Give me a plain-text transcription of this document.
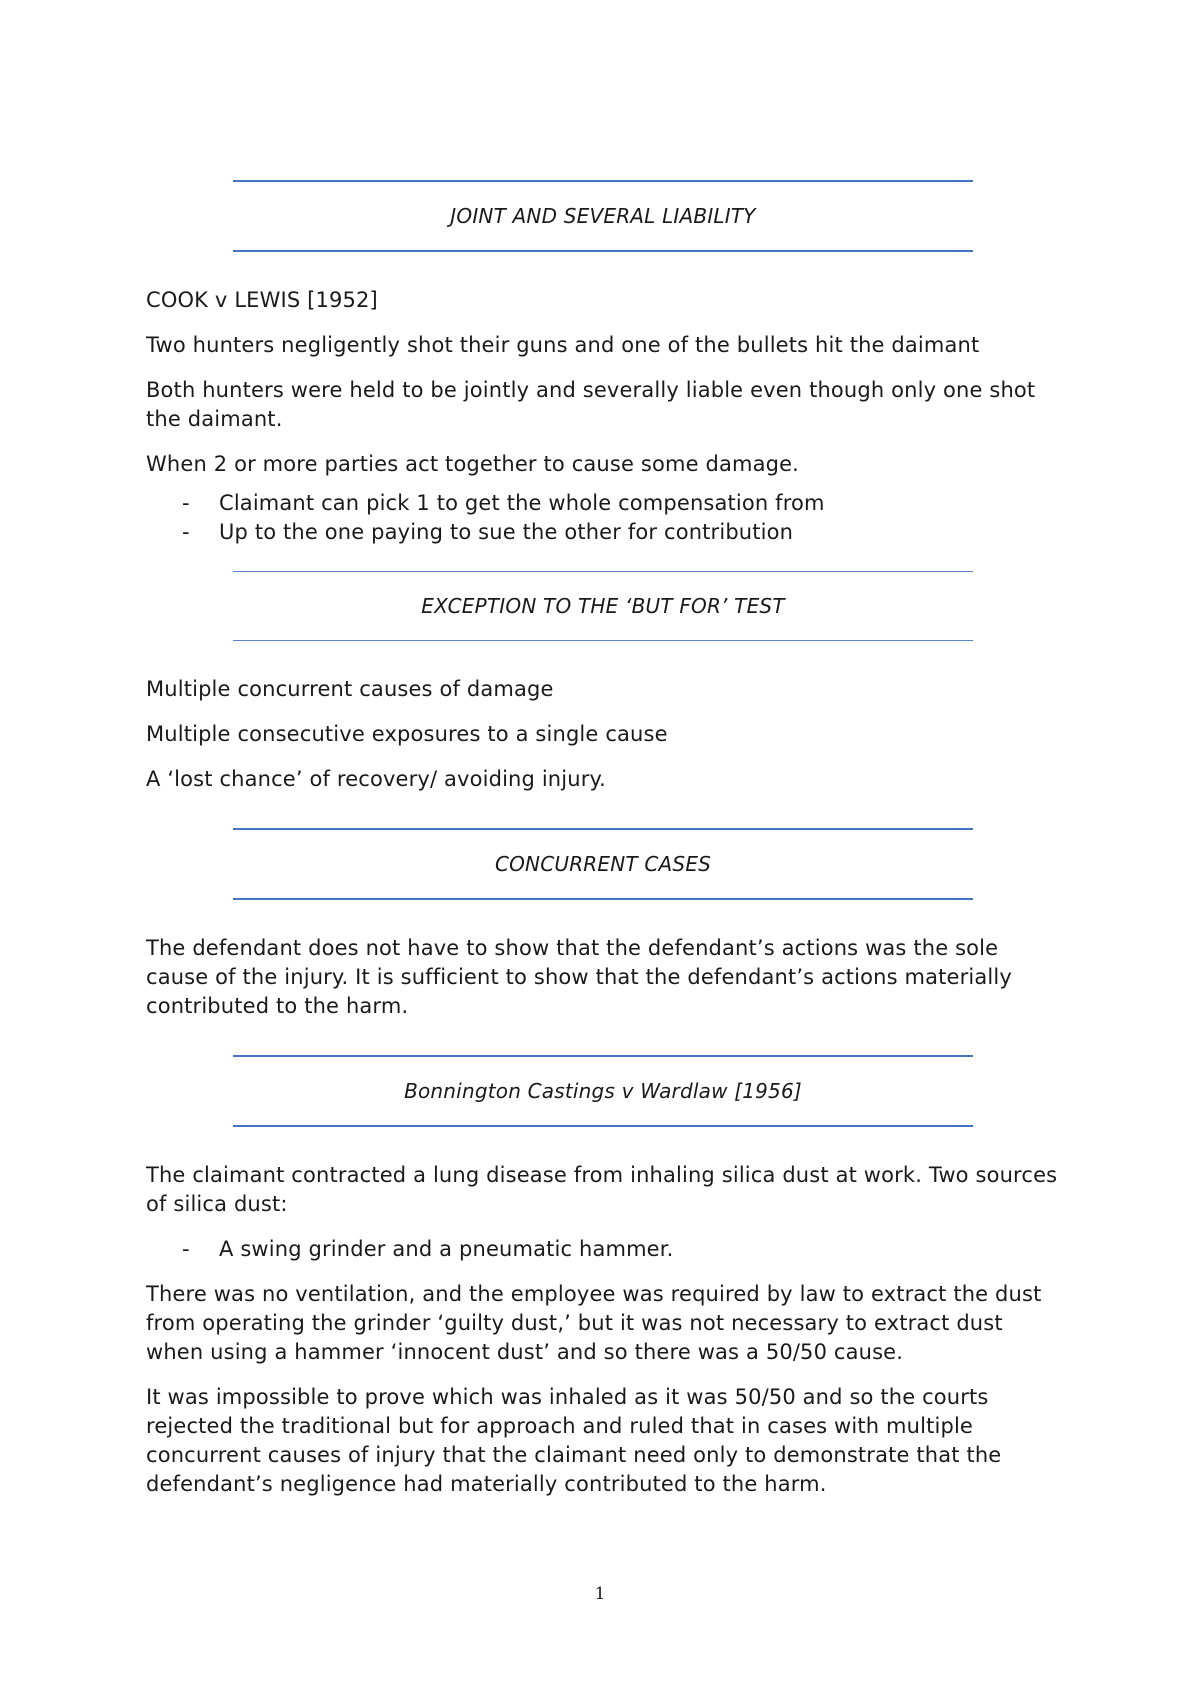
JOINT AND SEVERAL LIABILITY

COOK v LEWIS [1952]

Two hunters negligently shot their guns and one of the bullets hit the daimant

Both hunters were held to be jointly and severally liable even though only one shot the daimant.

When 2 or more parties act together to cause some damage.

- Claimant can pick 1 to get the whole compensation from
- Up to the one paying to sue the other for contribution
EXCEPTION TO THE ‘BUT FOR’ TEST

Multiple concurrent causes of damage

Multiple consecutive exposures to a single cause

A ‘lost chance’ of recovery/ avoiding injury.

CONCURRENT CASES

The defendant does not have to show that the defendant’s actions was the sole cause of the injury. It is sufficient to show that the defendant’s actions materially contributed to the harm.

Bonnington Castings v Wardlaw [1956]

The claimant contracted a lung disease from inhaling silica dust at work. Two sources of silica dust:

- A swing grinder and a pneumatic hammer.

There was no ventilation, and the employee was required by law to extract the dust from operating the grinder ‘guilty dust,’ but it was not necessary to extract dust when using a hammer ‘innocent dust’ and so there was a 50/50 cause.

It was impossible to prove which was inhaled as it was 50/50 and so the courts rejected the traditional but for approach and ruled that in cases with multiple concurrent causes of injury that the claimant need only to demonstrate that the defendant’s negligence had materially contributed to the harm.

1
